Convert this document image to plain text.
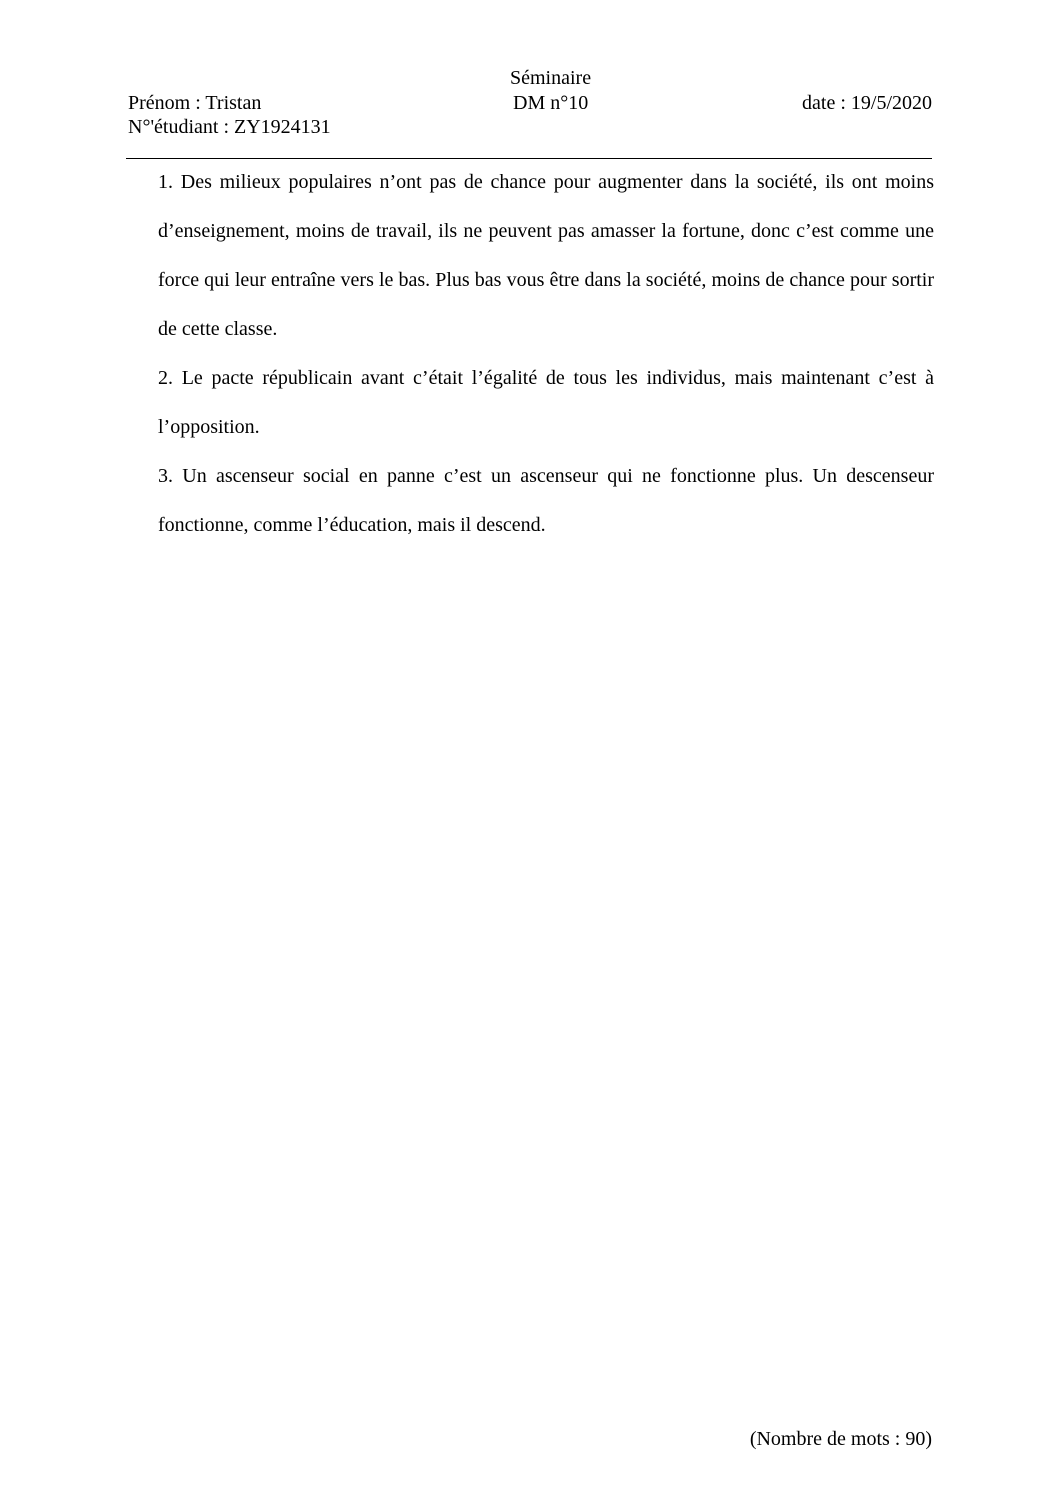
Séminaire
Prénom : Tristan	DM n°10	date : 19/5/2020
N°'étudiant : ZY1924131

1. Des milieux populaires n’ont pas de chance pour augmenter dans la société, ils ont moins d’enseignement, moins de travail, ils ne peuvent pas amasser la fortune, donc c’est comme une force qui leur entraîne vers le bas. Plus bas vous être dans la société, moins de chance pour sortir de cette classe.

2. Le pacte républicain avant c’était l’égalité de tous les individus, mais maintenant c’est à l’opposition.

3. Un ascenseur social en panne c’est un ascenseur qui ne fonctionne plus. Un descenseur fonctionne, comme l’éducation, mais il descend.

(Nombre de mots : 90)
